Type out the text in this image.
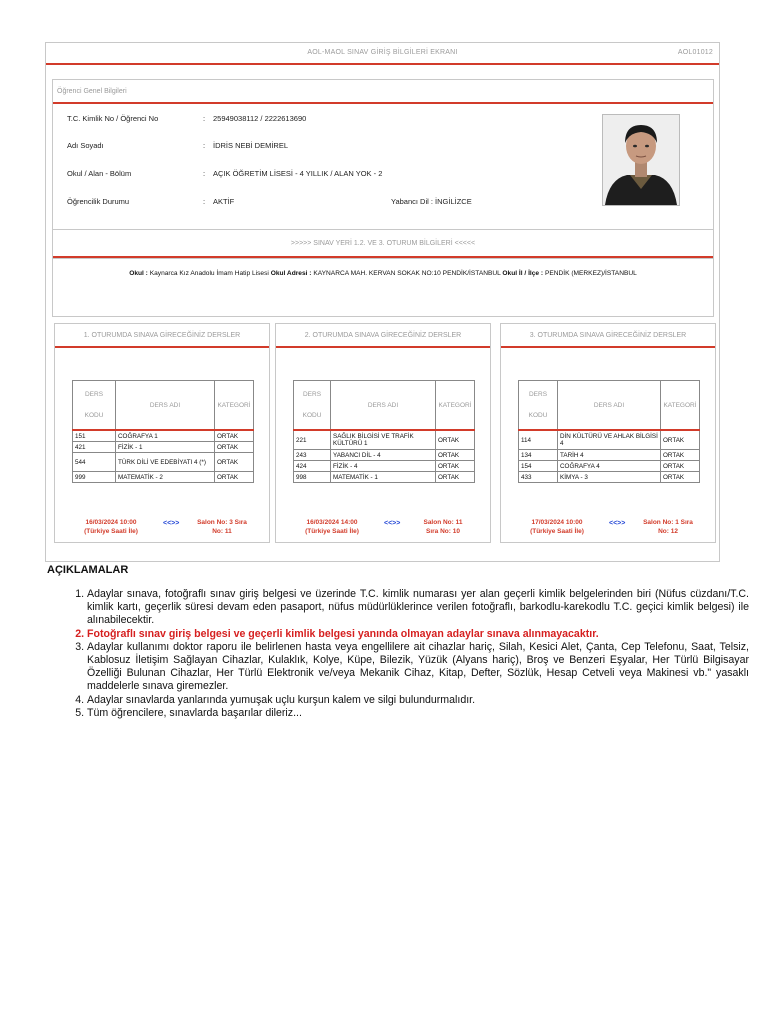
AOL-MAOL SINAV GİRİŞ BİLGİLERİ EKRANI	AOL01012
Öğrenci Genel Bilgileri
T.C. Kimlik No / Öğrenci No	: 25949038112 / 2222613690
Adı Soyadı	: İDRİS NEBİ DEMİREL
Okul / Alan - Bölüm	: AÇIK ÖĞRETİM LİSESİ - 4 YILLIK / ALAN YOK - 2
Öğrencilik Durumu	: AKTİF	Yabancı Dil : İNGİLİZCE
>>>>> SINAV YERİ 1.2. VE 3. OTURUM BİLGİLERİ <<<<<
Okul : Kaynarca Kız Anadolu İmam Hatip Lisesi Okul Adresi : KAYNARCA MAH. KERVAN SOKAK NO:10 PENDİK/İSTANBUL Okul İl / İlçe : PENDİK (MERKEZ)/İSTANBUL
1. OTURUMDA SINAVA GİRECEĞİNİZ DERSLER
DERS

KODU	DERS ADI	KATEGORİ
151	COĞRAFYA 1	ORTAK
421	FİZİK - 1	ORTAK
544	TÜRK DİLİ VE EDEBİYATI 4 (*)	ORTAK
999	MATEMATİK - 2	ORTAK
16/03/2024 10:00
(Türkiye Saati İle)
<<>>	Salon No: 3 Sıra
No: 11
2. OTURUMDA SINAVA GİRECEĞİNİZ DERSLER
DERS

KODU	DERS ADI	KATEGORİ
221	SAĞLIK BİLGİSİ VE TRAFİK KÜLTÜRÜ 1	ORTAK
243	YABANCI DİL - 4	ORTAK
424	FİZİK - 4	ORTAK
998	MATEMATİK - 1	ORTAK
16/03/2024 14:00
(Türkiye Saati İle)
<<>>	Salon No: 11
Sıra No: 10
3. OTURUMDA SINAVA GİRECEĞİNİZ DERSLER
DERS

KODU	DERS ADI	KATEGORİ
114	DİN KÜLTÜRÜ VE AHLAK BİLGİSİ 4	ORTAK
134	TARİH 4	ORTAK
154	COĞRAFYA 4	ORTAK
433	KİMYA - 3	ORTAK
17/03/2024 10:00
(Türkiye Saati İle)
<<>>	Salon No: 1 Sıra
No: 12
AÇIKLAMALAR
1. Adaylar sınava, fotoğraflı sınav giriş belgesi ve üzerinde T.C. kimlik numarası yer alan geçerli kimlik belgelerinden biri (Nüfus cüzdanı/T.C. kimlik kartı, geçerlik süresi devam eden pasaport, nüfus müdürlüklerince verilen fotoğraflı, barkodlu-karekodlu T.C. geçici kimlik belgesi) ile alınabilecektir.
2. Fotoğraflı sınav giriş belgesi ve geçerli kimlik belgesi yanında olmayan adaylar sınava alınmayacaktır.
3. Adaylar kullanımı doktor raporu ile belirlenen hasta veya engellilere ait cihazlar hariç, Silah, Kesici Alet, Çanta, Cep Telefonu, Saat, Telsiz, Kablosuz İletişim Sağlayan Cihazlar, Kulaklık, Kolye, Küpe, Bilezik, Yüzük (Alyans hariç), Broş ve Benzeri Eşyalar, Her Türlü Bilgisayar Özelliği Bulunan Cihazlar, Her Türlü Elektronik ve/veya Mekanik Cihaz, Kitap, Defter, Sözlük, Hesap Cetveli veya Makinesi vb." yasaklı maddelerle sınava giremezler.
4. Adaylar sınavlarda yanlarında yumuşak uçlu kurşun kalem ve silgi bulundurmalıdır.
5. Tüm öğrencilere, sınavlarda başarılar dileriz...
